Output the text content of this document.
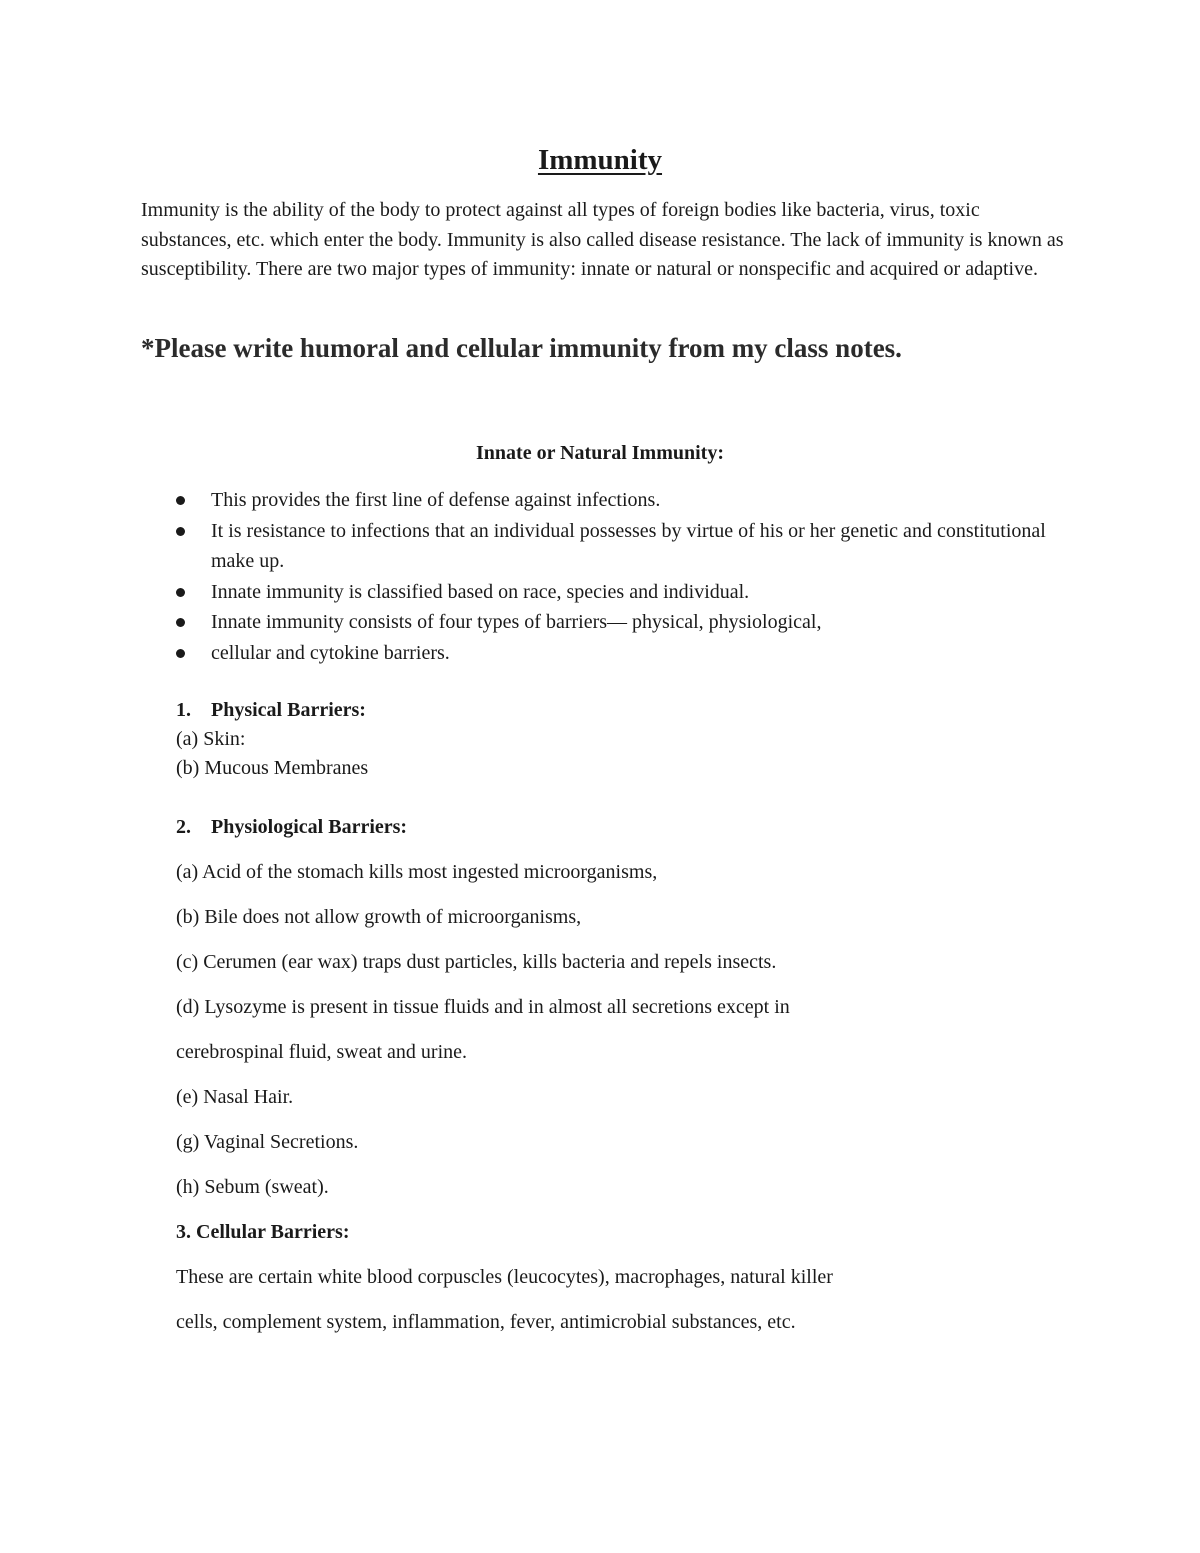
Immunity
Immunity is the ability of the body to protect against all types of foreign bodies like bacteria, virus, toxic substances, etc. which enter the body. Immunity is also called disease resistance. The lack of immunity is known as susceptibility. There are two major types of immunity: innate or natural or nonspecific and acquired or adaptive.
*Please write humoral and cellular immunity from my class notes.
Innate or Natural Immunity:
This provides the first line of defense against infections.
It is resistance to infections that an individual possesses by virtue of his or her genetic and constitutional make up.
Innate immunity is classified based on race, species and individual.
Innate immunity consists of four types of barriers— physical, physiological,
cellular and cytokine barriers.
1.	Physical Barriers:
(a) Skin:
(b) Mucous Membranes
2.	Physiological Barriers:
(a) Acid of the stomach kills most ingested microorganisms,
(b) Bile does not allow growth of microorganisms,
(c) Cerumen (ear wax) traps dust particles, kills bacteria and repels insects.
(d) Lysozyme is present in tissue fluids and in almost all secretions except in
cerebrospinal fluid, sweat and urine.
(e) Nasal Hair.
(g) Vaginal Secretions.
(h) Sebum (sweat).
3. Cellular Barriers:
These are certain white blood corpuscles (leucocytes), macrophages, natural killer
cells, complement system, inflammation, fever, antimicrobial substances, etc.
